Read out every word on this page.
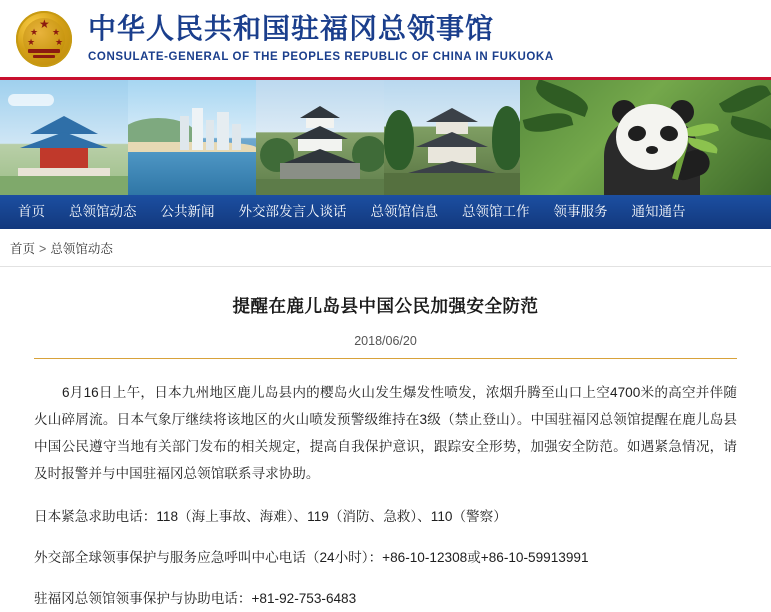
★
★
★
★
★ 中华人民共和国驻福冈总领事馆
CONSULATE-GENERAL OF THE PEOPLES REPUBLIC OF CHINA IN FUKUOKA
首页	总领馆动态	公共新闻	外交部发言人谈话	总领馆信息	总领馆工作	领事服务	通知通告
首页 > 总领馆动态
提醒在鹿儿岛县中国公民加强安全防范
2018/06/20

6月16日上午，日本九州地区鹿儿岛县内的樱岛火山发生爆发性喷发，浓烟升腾至山口上空4700米的高空并伴随火山碎屑流。日本气象厅继续将该地区的火山喷发预警级维持在3级（禁止登山）。中国驻福冈总领馆提醒在鹿儿岛县中国公民遵守当地有关部门发布的相关规定，提高自我保护意识，跟踪安全形势，加强安全防范。如遇紧急情况，请及时报警并与中国驻福冈总领馆联系寻求协助。

日本紧急求助电话：118（海上事故、海难）、119（消防、急救）、110（警察）

外交部全球领事保护与服务应急呼叫中心电话（24小时）：+86-10-12308或+86-10-59913991

驻福冈总领馆领事保护与协助电话：+81-92-753-6483
